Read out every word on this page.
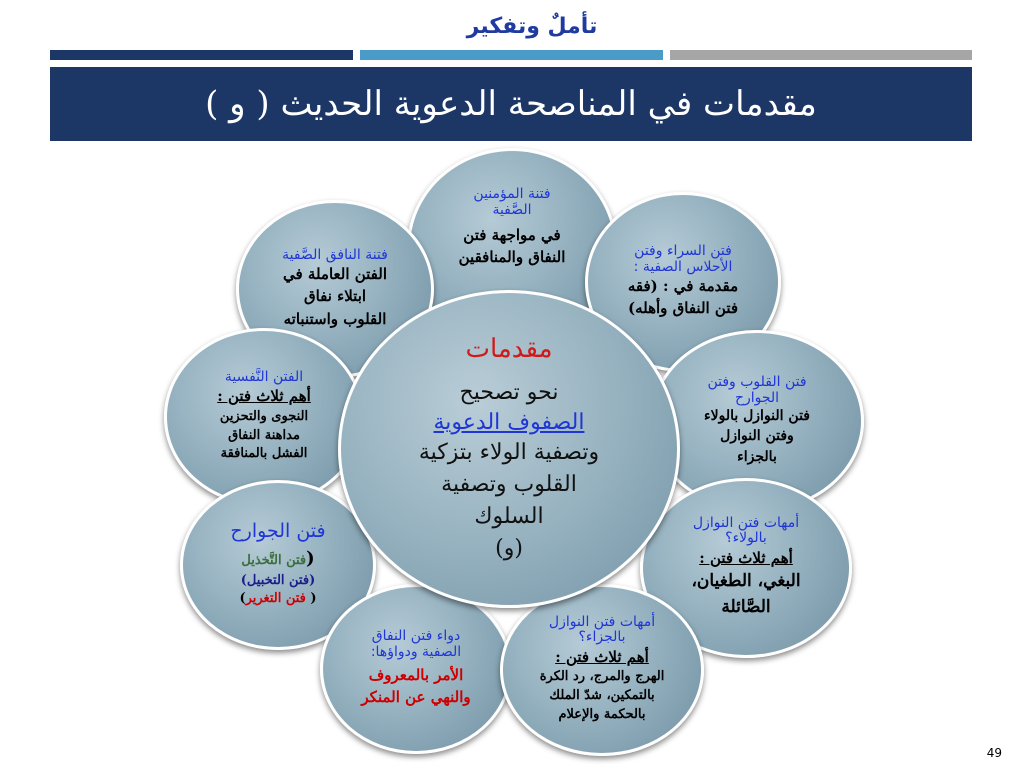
تأملٌ وتفكير
مقدمات في المناصحة الدعوية الحديث ( و )
فتنة المؤمنين
الصَّفية
في مواجهة فتن
النفاق والمنافقين
فتنة النافق الصَّفية
الفتن العاملة في
ابتلاء نفاق
القلوب واستنباته
فتن السراء وفتن
الأحلاس الصفية :
مقدمة في : (فقه
فتن النفاق وأهله)
الفتن النَّفسية
أهم ثلاث فتن :
النجوى والتحزين
مداهنة النفاق
الفشل بالمنافقة
فتن القلوب وفتن
الجوارح
فتن النوازل بالولاء
وفتن النوازل
بالجزاء
فتن الجوارح
(فتن التَّخذيل
(فتن التخبيل)
( فتن التغرير)
أمهات فتن النوازل
بالولاء؟
أهم ثلاث فتن :
البغي، الطغيان،
الصَّائلة
دواء فتن النفاق
الصفية ودواؤها:
الأمر بالمعروف
والنهي عن المنكر
أمهات فتن النوازل
بالجزاء؟
أهم ثلاث فتن :
الهرج والمرج، رد الكرة
بالتمكين، شدّ الملك
بالحكمة والإعلام
مقدمات
نحو تصحيح
الصفوف الدعوية
وتصفية الولاء بتزكية
القلوب وتصفية
السلوك
(و)
49
